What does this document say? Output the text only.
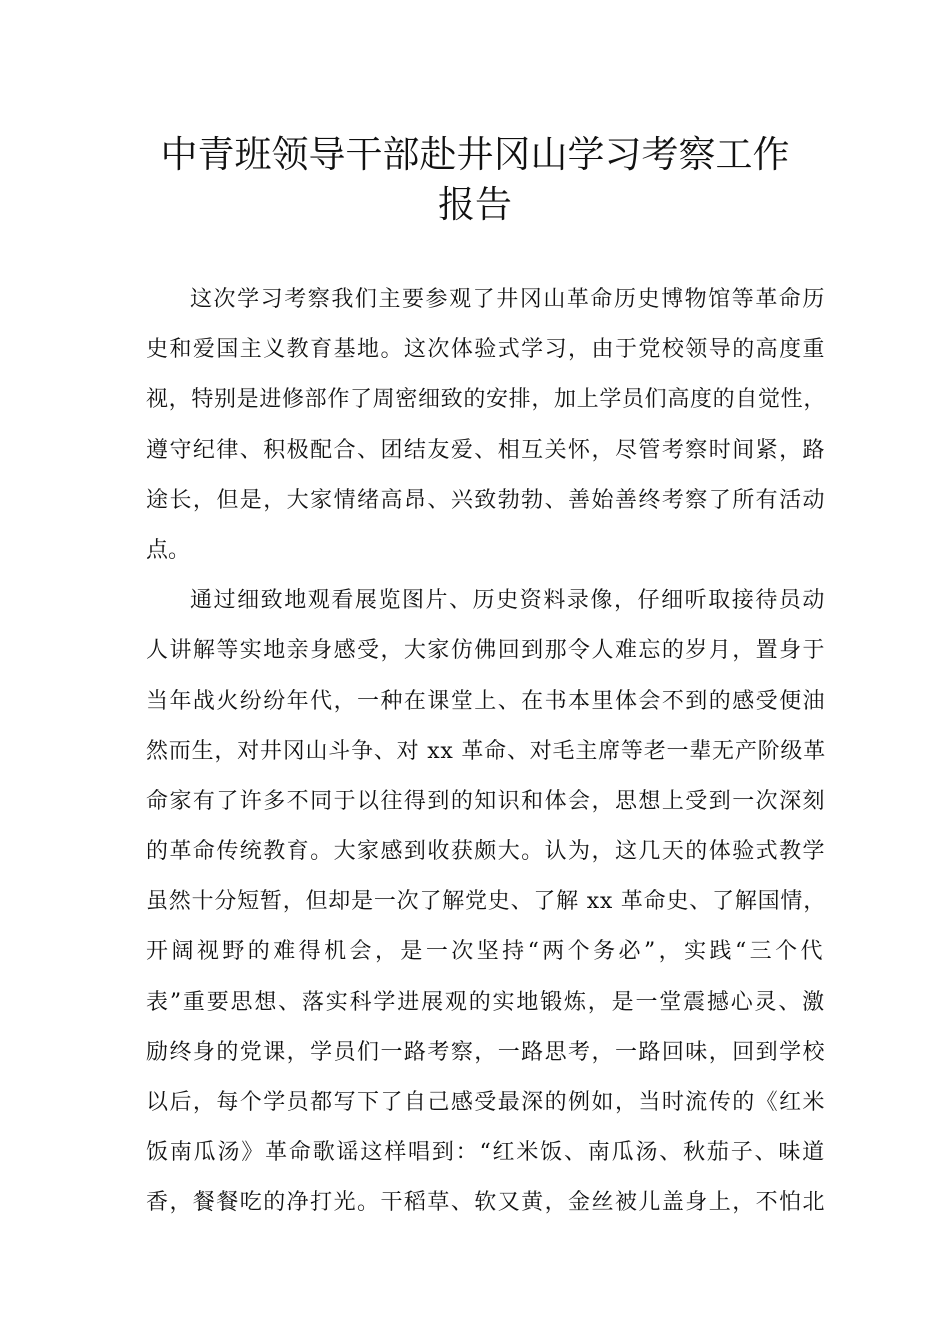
中青班领导干部赴井冈山学习考察工作
报告
这次学习考察我们主要参观了井冈山革命历史博物馆等革命历
史和爱国主义教育基地。这次体验式学习，由于党校领导的高度重
视，特别是进修部作了周密细致的安排，加上学员们高度的自觉性，
遵守纪律、积极配合、团结友爱、相互关怀，尽管考察时间紧，路
途长，但是，大家情绪高昂、兴致勃勃、善始善终考察了所有活动
点。
通过细致地观看展览图片、历史资料录像，仔细听取接待员动
人讲解等实地亲身感受，大家仿佛回到那令人难忘的岁月，置身于
当年战火纷纷年代，一种在课堂上、在书本里体会不到的感受便油
然而生，对井冈山斗争、对 xx 革命、对毛主席等老一辈无产阶级革
命家有了许多不同于以往得到的知识和体会，思想上受到一次深刻
的革命传统教育。大家感到收获颇大。认为，这几天的体验式教学
虽然十分短暂，但却是一次了解党史、了解 xx 革命史、了解国情，
开阔视野的难得机会，是一次坚持“两个务必”，实践“三个代
表”重要思想、落实科学进展观的实地锻炼，是一堂震撼心灵、激
励终身的党课，学员们一路考察，一路思考，一路回味，回到学校
以后，每个学员都写下了自己感受最深的例如，当时流传的《红米
饭南瓜汤》革命歌谣这样唱到：“红米饭、南瓜汤、秋茄子、味道
香，餐餐吃的净打光。干稻草、软又黄，金丝被儿盖身上，不怕北
